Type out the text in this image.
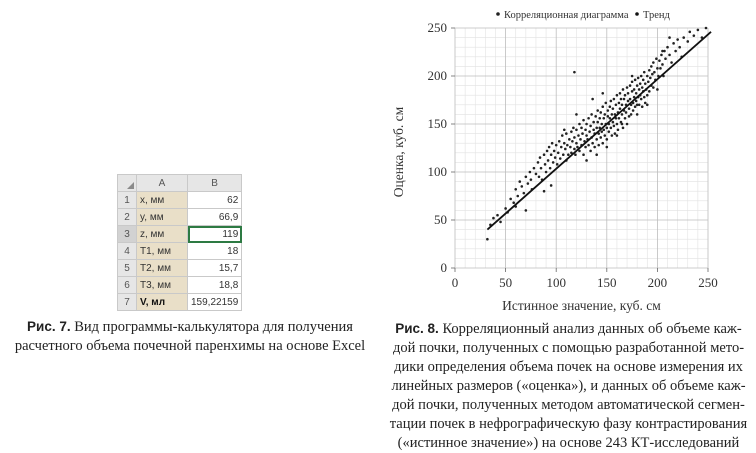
	A	B
1	x, мм	62
2	y, мм	66,9
3	z, мм	119
4	T1, мм	18
5	T2, мм	15,7
6	T3, мм	18,8
7	V, мл	159,22159
Рис. 7. Вид программы-калькулятора для получения
расчетного объема почечной паренхимы на основе Excel
0	50	100 150 200 250
0
50
100
150
200
250
Корреляционная диаграмма Тренд
Истинное значение, куб. см
Оценка, куб. см
Рис. 8. Корреляционный анализ данных об объеме каж-
дой почки, полученных с помощью разработанной мето-
дики определения объема почек на основе измерения их
линейных размеров («оценка»), и данных об объеме каж-
дой почки, полученных методом автоматической сегмен-
тации почек в нефрографическую фазу контрастирования
(«истинное значение») на основе 243 КТ-исследований
